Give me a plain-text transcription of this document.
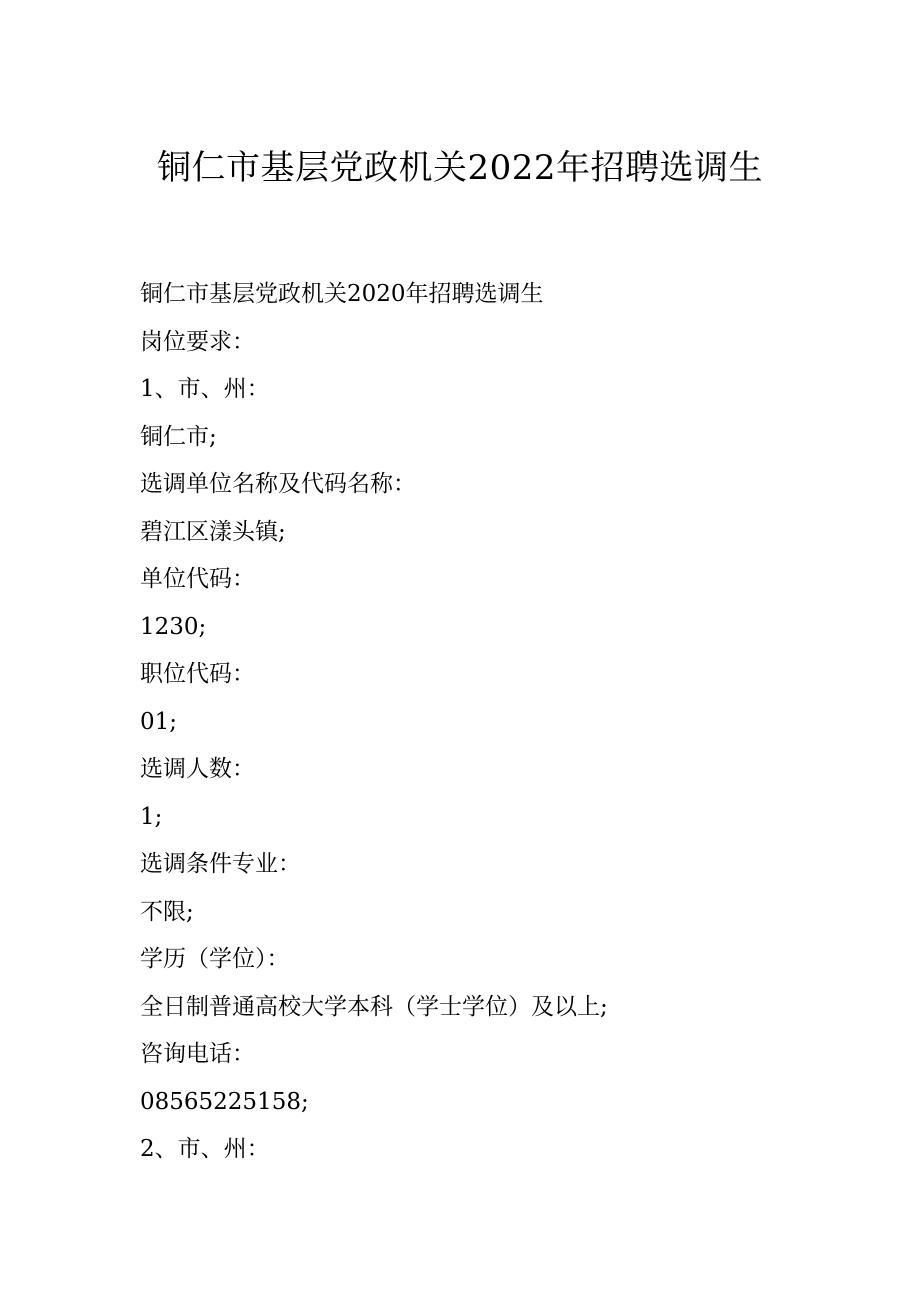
铜仁市基层党政机关2022年招聘选调生

铜仁市基层党政机关2020年招聘选调生

岗位要求：

1、市、州：

铜仁市;

选调单位名称及代码名称：

碧江区漾头镇;

单位代码：

1230;

职位代码：

01;

选调人数：

1;

选调条件专业：

不限;

学历（学位）：

全日制普通高校大学本科（学士学位）及以上;

咨询电话：

08565225158;

2、市、州：
